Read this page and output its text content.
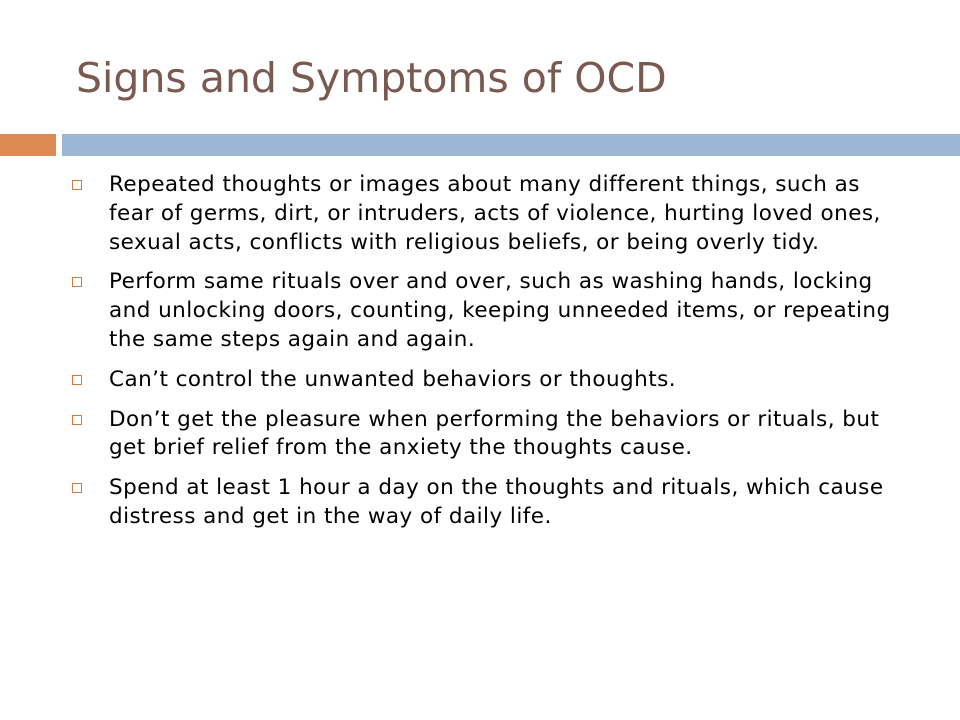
Signs and Symptoms of OCD
Repeated thoughts or images about many different things, such as fear of germs, dirt, or intruders, acts of violence, hurting loved ones, sexual acts, conflicts with religious beliefs, or being overly tidy.
Perform same rituals over and over, such as washing hands, locking and unlocking doors, counting, keeping unneeded items, or repeating the same steps again and again.
Can’t control the unwanted behaviors or thoughts.
Don’t get the pleasure when performing the behaviors or rituals, but get brief relief from the anxiety the thoughts cause.
Spend at least 1 hour a day on the thoughts and rituals, which cause distress and get in the way of daily life.
